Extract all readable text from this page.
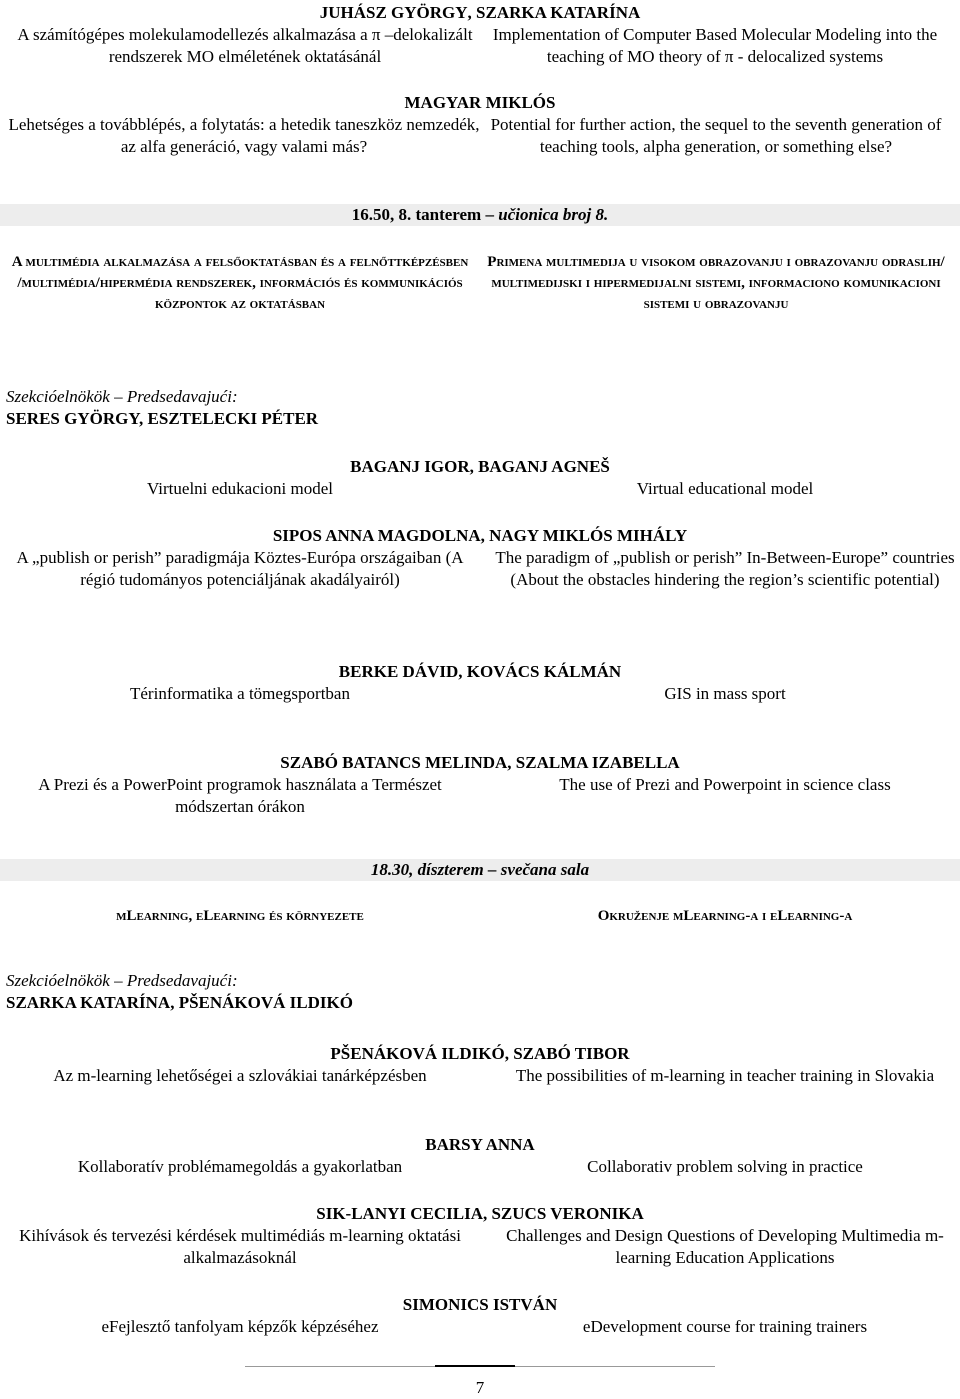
JUHÁSZ GYÖRGY, SZARKA KATARÍNA
A számítógépes molekulamodellezés alkalmazása a π –delokalizált rendszerek MO elméletének oktatásánál
Implementation of Computer Based Molecular Modeling into the teaching of MO theory of π - delocalized systems
MAGYAR MIKLÓS
Lehetséges a továbblépés, a folytatás: a hetedik taneszköz nemzedék, az alfa generáció, vagy valami más?
Potential for further action, the sequel to the seventh generation of teaching tools, alpha generation, or something else?
16.50, 8. tanterem – učionica broj 8.
A multimédia alkalmazása a felsőoktatásban és a felnőttképzésben /multimédia/hipermédia rendszerek, információs és kommunikációs központok az oktatásban
Primena multimedija u visokom obrazovanju i obrazovanju odraslih/ multimedijski i hipermedijalni sistemi, informaciono komunikacioni sistemi u obrazovanju
Szekcióelnökök – Predsedavajući:
SERES GYÖRGY, ESZTELECKI PÉTER
BAGANJ IGOR, BAGANJ AGNEŠ
Virtuelni edukacioni model	Virtual educational model
SIPOS ANNA MAGDOLNA, NAGY MIKLÓS MIHÁLY
A „publish or perish” paradigmája Köztes-Európa országaiban (A régió tudományos potenciáljának akadályairól)
The paradigm of „publish or perish” In-Between-Europe” countries (About the obstacles hindering the region’s scientific potential)
BERKE DÁVID, KOVÁCS KÁLMÁN
Térinformatika a tömegsportban	GIS in mass sport
SZABÓ BATANCS MELINDA, SZALMA IZABELLA
A Prezi és a PowerPoint programok használata a Természet módszertan órákon
The use of Prezi and Powerpoint in science class
18.30, díszterem – svečana sala
mLearning, eLearning és környezete	Okruženje mLearning-a i eLearning-a
Szekcióelnökök – Predsedavajući:
SZARKA KATARÍNA, PŠENÁKOVÁ ILDIKÓ
PŠENÁKOVÁ ILDIKÓ, SZABÓ TIBOR
Az m-learning lehetőségei a szlovákiai tanárképzésben	The possibilities of m-learning in teacher training in Slovakia
BARSY ANNA
Kollaboratív problémamegoldás a gyakorlatban	Collaborativ problem solving in practice
SIK-LANYI CECILIA, SZUCS VERONIKA
Kihívások és tervezési kérdések multimédiás m-learning oktatási alkalmazásoknál
Challenges and Design Questions of Developing Multimedia m-learning Education Applications
SIMONICS ISTVÁN
eFejlesztő tanfolyam képzők képzéséhez	eDevelopment course for training trainers
7
